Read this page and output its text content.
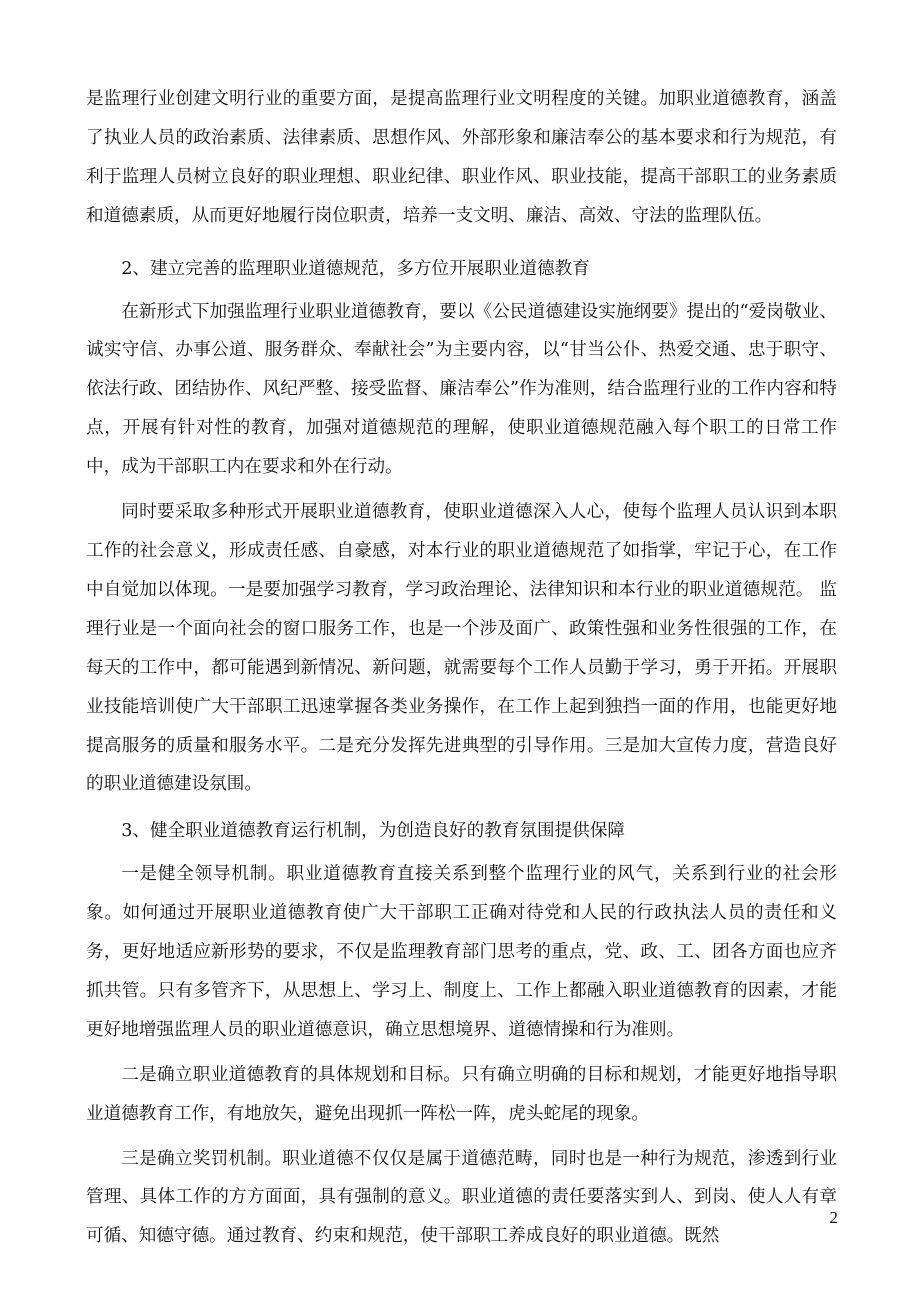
是监理行业创建文明行业的重要方面，是提高监理行业文明程度的关键。加职业道德教育，涵盖了执业人员的政治素质、法律素质、思想作风、外部形象和廉洁奉公的基本要求和行为规范，有利于监理人员树立良好的职业理想、职业纪律、职业作风、职业技能，提高干部职工的业务素质和道德素质，从而更好地履行岗位职责，培养一支文明、廉洁、高效、守法的监理队伍。

2、建立完善的监理职业道德规范，多方位开展职业道德教育

在新形式下加强监理行业职业道德教育，要以《公民道德建设实施纲要》提出的“爱岗敬业、诚实守信、办事公道、服务群众、奉献社会”为主要内容，以“甘当公仆、热爱交通、忠于职守、依法行政、团结协作、风纪严整、接受监督、廉洁奉公”作为准则，结合监理行业的工作内容和特点，开展有针对性的教育，加强对道德规范的理解，使职业道德规范融入每个职工的日常工作中，成为干部职工内在要求和外在行动。

同时要采取多种形式开展职业道德教育，使职业道德深入人心，使每个监理人员认识到本职工作的社会意义，形成责任感、自豪感，对本行业的职业道德规范了如指掌，牢记于心，在工作中自觉加以体现。一是要加强学习教育，学习政治理论、法律知识和本行业的职业道德规范。 监理行业是一个面向社会的窗口服务工作，也是一个涉及面广、政策性强和业务性很强的工作，在每天的工作中，都可能遇到新情况、新问题，就需要每个工作人员勤于学习，勇于开拓。开展职业技能培训使广大干部职工迅速掌握各类业务操作，在工作上起到独挡一面的作用，也能更好地提高服务的质量和服务水平。二是充分发挥先进典型的引导作用。三是加大宣传力度，营造良好的职业道德建设氛围。

3、健全职业道德教育运行机制，为创造良好的教育氛围提供保障

一是健全领导机制。职业道德教育直接关系到整个监理行业的风气，关系到行业的社会形象。如何通过开展职业道德教育使广大干部职工正确对待党和人民的行政执法人员的责任和义务，更好地适应新形势的要求，不仅是监理教育部门思考的重点，党、政、工、团各方面也应齐抓共管。只有多管齐下，从思想上、学习上、制度上、工作上都融入职业道德教育的因素，才能更好地增强监理人员的职业道德意识，确立思想境界、道德情操和行为准则。

二是确立职业道德教育的具体规划和目标。只有确立明确的目标和规划，才能更好地指导职业道德教育工作，有地放矢，避免出现抓一阵松一阵，虎头蛇尾的现象。

三是确立奖罚机制。职业道德不仅仅是属于道德范畴，同时也是一种行为规范，渗透到行业管理、具体工作的方方面面，具有强制的意义。职业道德的责任要落实到人、到岗、使人人有章可循、知德守德。通过教育、约束和规范，使干部职工养成良好的职业道德。既然

2
